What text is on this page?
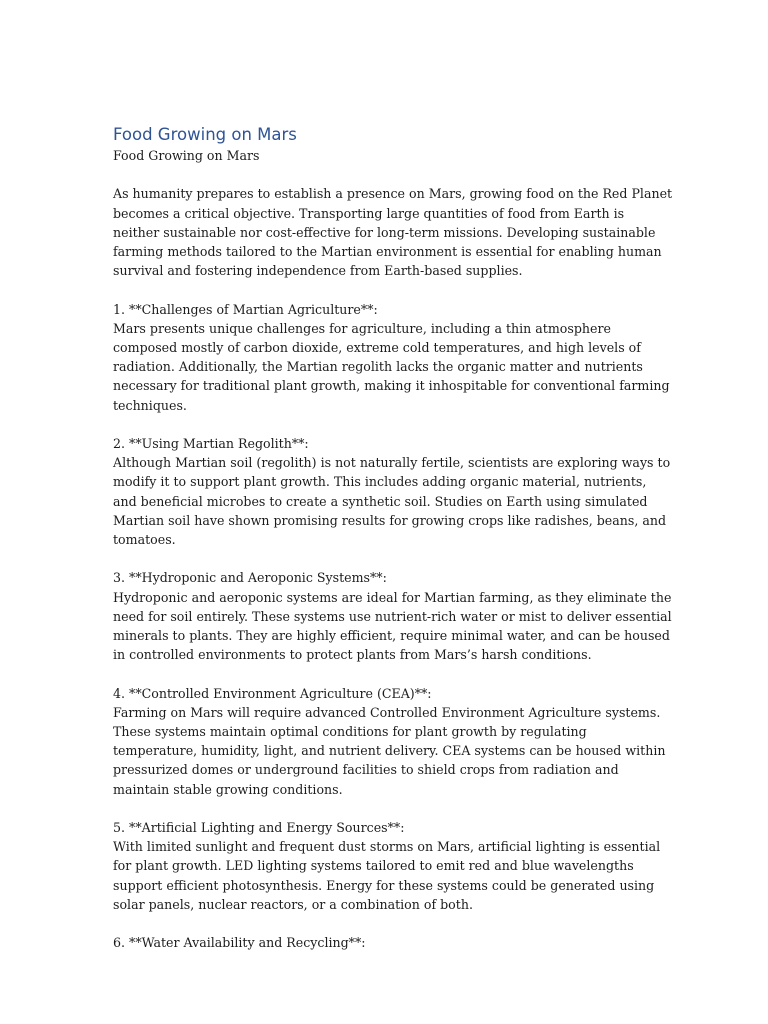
Food Growing on Mars

Food Growing on Mars

As humanity prepares to establish a presence on Mars, growing food on the Red Planet becomes a critical objective. Transporting large quantities of food from Earth is neither sustainable nor cost-effective for long-term missions. Developing sustainable farming methods tailored to the Martian environment is essential for enabling human survival and fostering independence from Earth-based supplies.

1. **Challenges of Martian Agriculture**:
Mars presents unique challenges for agriculture, including a thin atmosphere composed mostly of carbon dioxide, extreme cold temperatures, and high levels of radiation. Additionally, the Martian regolith lacks the organic matter and nutrients necessary for traditional plant growth, making it inhospitable for conventional farming techniques.
2. **Using Martian Regolith**:
Although Martian soil (regolith) is not naturally fertile, scientists are exploring ways to modify it to support plant growth. This includes adding organic material, nutrients, and beneficial microbes to create a synthetic soil. Studies on Earth using simulated Martian soil have shown promising results for growing crops like radishes, beans, and tomatoes.
3. **Hydroponic and Aeroponic Systems**:
Hydroponic and aeroponic systems are ideal for Martian farming, as they eliminate the need for soil entirely. These systems use nutrient-rich water or mist to deliver essential minerals to plants. They are highly efficient, require minimal water, and can be housed in controlled environments to protect plants from Mars’s harsh conditions.
4. **Controlled Environment Agriculture (CEA)**:
Farming on Mars will require advanced Controlled Environment Agriculture systems. These systems maintain optimal conditions for plant growth by regulating temperature, humidity, light, and nutrient delivery. CEA systems can be housed within pressurized domes or underground facilities to shield crops from radiation and maintain stable growing conditions.
5. **Artificial Lighting and Energy Sources**:
With limited sunlight and frequent dust storms on Mars, artificial lighting is essential for plant growth. LED lighting systems tailored to emit red and blue wavelengths support efficient photosynthesis. Energy for these systems could be generated using solar panels, nuclear reactors, or a combination of both.
6. **Water Availability and Recycling**:
